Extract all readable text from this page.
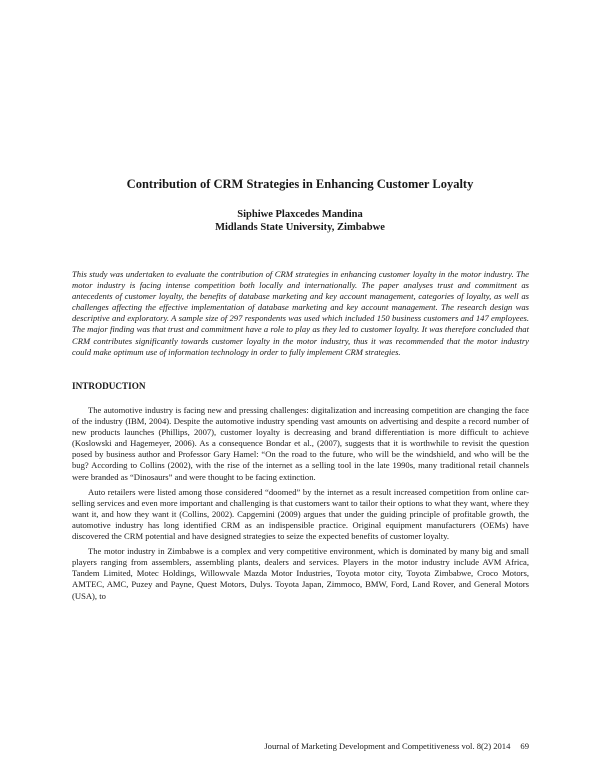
Contribution of CRM Strategies in Enhancing Customer Loyalty
Siphiwe Plaxcedes Mandina
Midlands State University, Zimbabwe
This study was undertaken to evaluate the contribution of CRM strategies in enhancing customer loyalty in the motor industry. The motor industry is facing intense competition both locally and internationally. The paper analyses trust and commitment as antecedents of customer loyalty, the benefits of database marketing and key account management, categories of loyalty, as well as challenges affecting the effective implementation of database marketing and key account management. The research design was descriptive and exploratory. A sample size of 297 respondents was used which included 150 business customers and 147 employees. The major finding was that trust and commitment have a role to play as they led to customer loyalty. It was therefore concluded that CRM contributes significantly towards customer loyalty in the motor industry, thus it was recommended that the motor industry could make optimum use of information technology in order to fully implement CRM strategies.
INTRODUCTION

The automotive industry is facing new and pressing challenges: digitalization and increasing competition are changing the face of the industry (IBM, 2004). Despite the automotive industry spending vast amounts on advertising and despite a record number of new products launches (Phillips, 2007), customer loyalty is decreasing and brand differentiation is more difficult to achieve (Koslowski and Hagemeyer, 2006). As a consequence Bondar et al., (2007), suggests that it is worthwhile to revisit the question posed by business author and Professor Gary Hamel: “On the road to the future, who will be the windshield, and who will be the bug? According to Collins (2002), with the rise of the internet as a selling tool in the late 1990s, many traditional retail channels were branded as “Dinosaurs” and were thought to be facing extinction.

Auto retailers were listed among those considered “doomed” by the internet as a result increased competition from online car-selling services and even more important and challenging is that customers want to tailor their options to what they want, where they want it, and how they want it (Collins, 2002). Capgemini (2009) argues that under the guiding principle of profitable growth, the automotive industry has long identified CRM as an indispensible practice. Original equipment manufacturers (OEMs) have discovered the CRM potential and have designed strategies to seize the expected benefits of customer loyalty.

The motor industry in Zimbabwe is a complex and very competitive environment, which is dominated by many big and small players ranging from assemblers, assembling plants, dealers and services. Players in the motor industry include AVM Africa, Tandem Limited, Motec Holdings, Willowvale Mazda Motor Industries, Toyota motor city, Toyota Zimbabwe, Croco Motors, AMTEC, AMC, Puzey and Payne, Quest Motors, Dulys. Toyota Japan, Zimmoco, BMW, Ford, Land Rover, and General Motors (USA), to

Journal of Marketing Development and Competitiveness vol. 8(2) 2014 69
